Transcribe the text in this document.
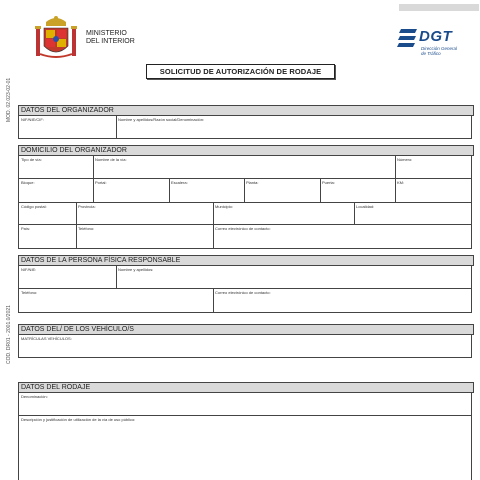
MINISTERIO
DEL INTERIOR	DGT
Dirección General
de Tráfico
SOLICITUD DE AUTORIZACIÓN DE RODAJE
MOD. 02.023-02-01
COD. DR01 - 2001.0/2021
DATOS DEL ORGANIZADOR
NIF/NIE/CIF:	Nombre y apellidos/Razón social/Denominación:
DOMICILIO DEL ORGANIZADOR
Tipo de vía:	Nombre de la vía:	Número:
Bloque:	Portal:	Escalera:	Planta:	Puerta:	KM:
Código postal:	Provincia:	Municipio:	Localidad:
País:	Teléfono:	Correo electrónico de contacto:
DATOS DE LA PERSONA FÍSICA RESPONSABLE
NIF/NIE:	Nombre y apellidos:
Teléfono:	Correo electrónico de contacto:
DATOS DEL/ DE LOS VEHÍCULO/S
MATRÍCULAS VEHÍCULOS:
DATOS DEL RODAJE
Denominación:
Descripción y justificación de utilización de la vía de uso público:
